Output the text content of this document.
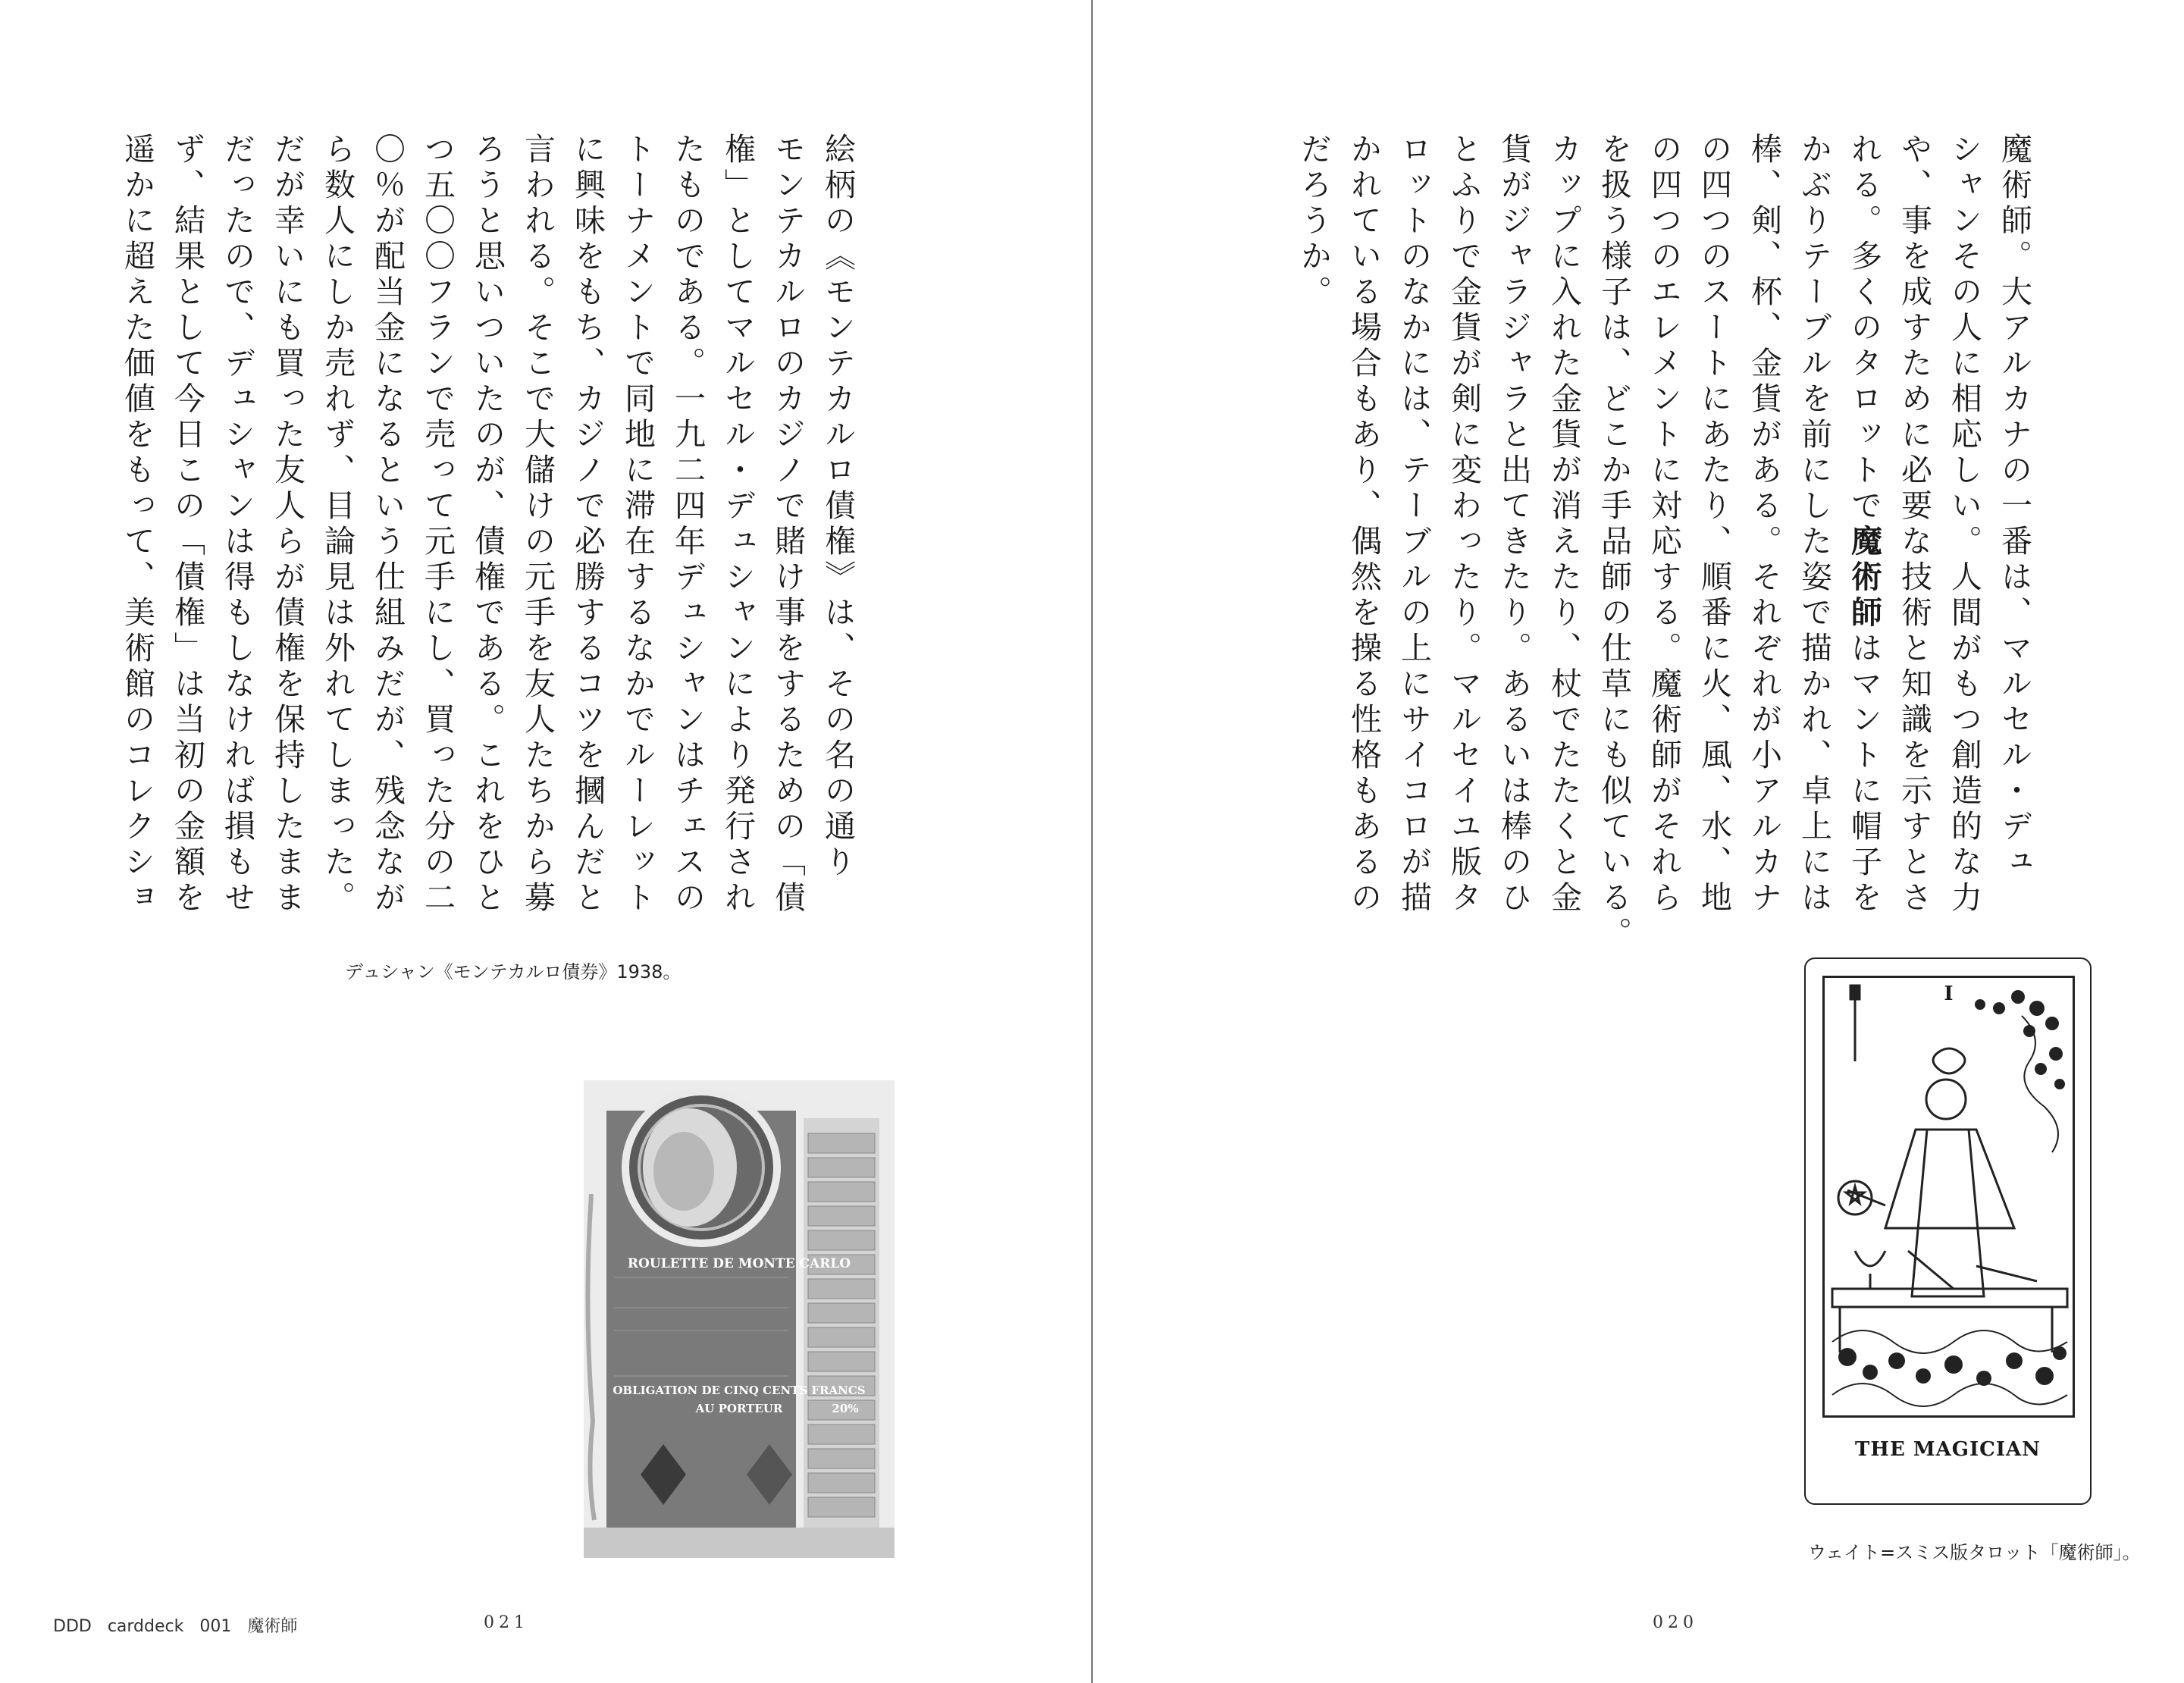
絵柄の《モンテカルロ債権》は、その名の通り
モンテカルロのカジノで賭け事をするための「債
権」としてマルセル・デュシャンにより発行され
たものである。一九二四年デュシャンはチェスの
トーナメントで同地に滞在するなかでルーレット
に興味をもち、カジノで必勝するコツを摑んだと
言われる。そこで大儲けの元手を友人たちから募
ろうと思いついたのが、債権である。これをひと
つ五〇〇フランで売って元手にし、買った分の二
〇％が配当金になるという仕組みだが、残念なが
ら数人にしか売れず、目論見は外れてしまった。
だが幸いにも買った友人らが債権を保持したまま
だったので、デュシャンは得もしなければ損もせ
ず、結果として今日この「債権」は当初の金額を
遥かに超えた価値をもって、美術館のコレクショ	魔術師。大アルカナの一番は、マルセル・デュ
シャンその人に相応しい。人間がもつ創造的な力
や、事を成すために必要な技術と知識を示すとさ
れる。多くのタロットで魔術師はマントに帽子を
かぶりテーブルを前にした姿で描かれ、卓上には
棒、剣、杯、金貨がある。それぞれが小アルカナ
の四つのスートにあたり、順番に火、風、水、地
の四つのエレメントに対応する。魔術師がそれら
を扱う様子は、どこか手品師の仕草にも似ている。
カップに入れた金貨が消えたり、杖でたたくと金
貨がジャラジャラと出てきたり。あるいは棒のひ
とふりで金貨が剣に変わったり。マルセイユ版タ
ロットのなかには、テーブルの上にサイコロが描
かれている場合もあり、偶然を操る性格もあるの
だろうか。
デュシャン《モンテカルロ債券》1938。
ROULETTE DE MONTE CARLO
OBLIGATION DE CINQ CENTS FRANCS
AU PORTEUR	20%
I
THE MAGICIAN
ウェイト=スミス版タロット「魔術師」。
DDD carddeck 001 魔術師	021	020
